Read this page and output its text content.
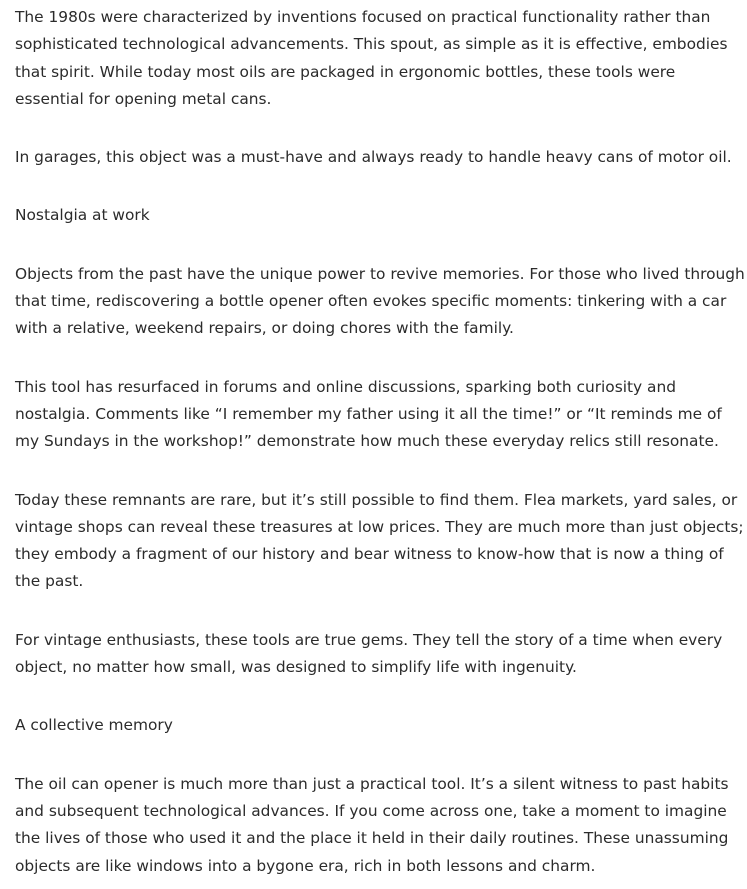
The 1980s were characterized by inventions focused on practical functionality rather than sophisticated technological advancements. This spout, as simple as it is effective, embodies that spirit. While today most oils are packaged in ergonomic bottles, these tools were essential for opening metal cans.

In garages, this object was a must-have and always ready to handle heavy cans of motor oil.

Nostalgia at work

Objects from the past have the unique power to revive memories. For those who lived through that time, rediscovering a bottle opener often evokes specific moments: tinkering with a car with a relative, weekend repairs, or doing chores with the family.

This tool has resurfaced in forums and online discussions, sparking both curiosity and nostalgia. Comments like “I remember my father using it all the time!” or “It reminds me of my Sundays in the workshop!” demonstrate how much these everyday relics still resonate.

Today these remnants are rare, but it’s still possible to find them. Flea markets, yard sales, or vintage shops can reveal these treasures at low prices. They are much more than just objects; they embody a fragment of our history and bear witness to know-how that is now a thing of the past.

For vintage enthusiasts, these tools are true gems. They tell the story of a time when every object, no matter how small, was designed to simplify life with ingenuity.

A collective memory

The oil can opener is much more than just a practical tool. It’s a silent witness to past habits and subsequent technological advances. If you come across one, take a moment to imagine the lives of those who used it and the place it held in their daily routines. These unassuming objects are like windows into a bygone era, rich in both lessons and charm.
